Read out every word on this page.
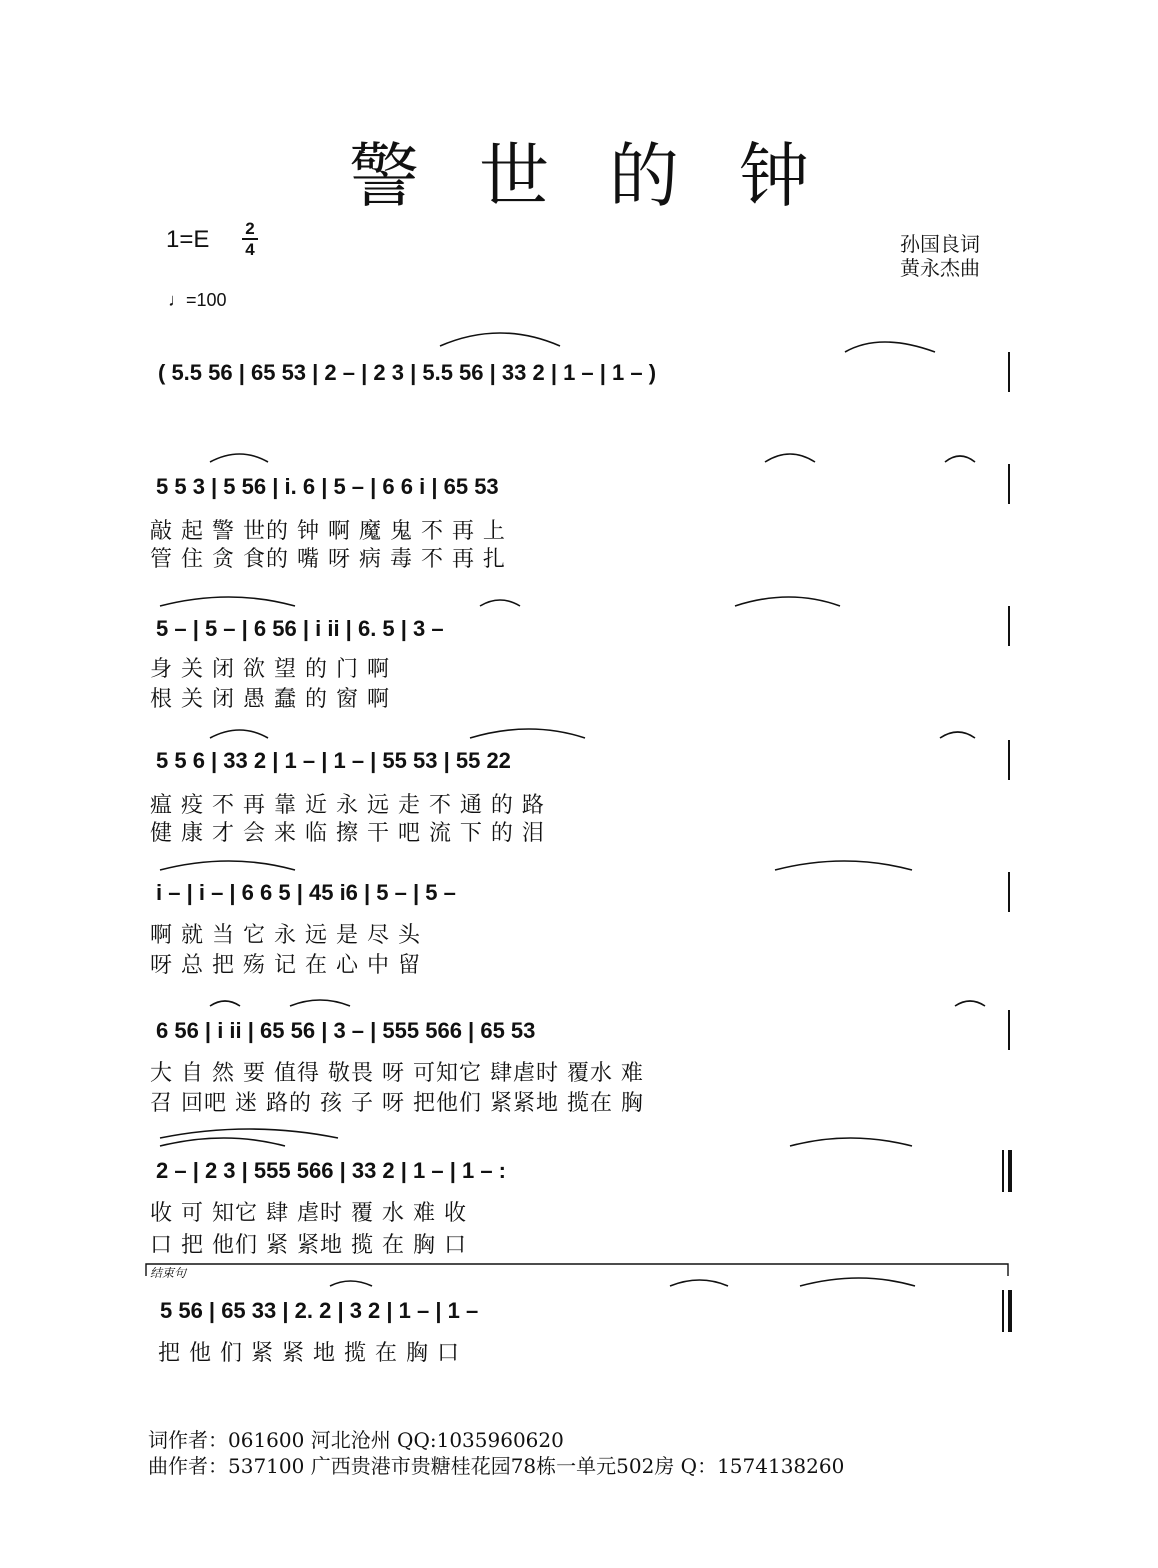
警世的钟
1=E 2
4
♩=100
孙国良词
黄永杰曲
( 5.5 56 | 65 53 | 2 – | 2 3 | 5.5 56 | 33 2 | 1 – | 1 – )
5 5 3 | 5 56 | i. 6 | 5 – | 6 6 i | 65 53
敲 起 警 世的 钟 啊 魔 鬼 不 再 上
管 住 贪 食的 嘴 呀 病 毒 不 再 扎
5 – | 5 – | 6 56 | i ii | 6. 5 | 3 –
身 关 闭 欲 望 的 门 啊
根 关 闭 愚 蠢 的 窗 啊
5 5 6 | 33 2 | 1 – | 1 – | 55 53 | 55 22
瘟 疫 不 再 靠 近 永 远 走 不 通 的 路
健 康 才 会 来 临 擦 干 吧 流 下 的 泪
i – | i – | 6 6 5 | 45 i6 | 5 – | 5 –
啊 就 当 它 永 远 是 尽 头
呀 总 把 殇 记 在 心 中 留
6 56 | i ii | 65 56 | 3 – | 555 566 | 65 53
大 自 然 要 值得 敬畏 呀 可知它 肆虐时 覆水 难
召 回吧 迷 路的 孩 子 呀 把他们 紧紧地 揽在 胸
2 – | 2 3 | 555 566 | 33 2 | 1 – | 1 – :
收 可 知它 肆 虐时 覆 水 难 收
口 把 他们 紧 紧地 揽 在 胸 口
结束句
5 56 | 65 33 | 2. 2 | 3 2 | 1 – | 1 –
把 他 们 紧 紧 地 揽 在 胸 口
词作者：061600 河北沧州 QQ:1035960620
曲作者：537100 广西贵港市贵糖桂花园78栋一单元502房 Q：1574138260
